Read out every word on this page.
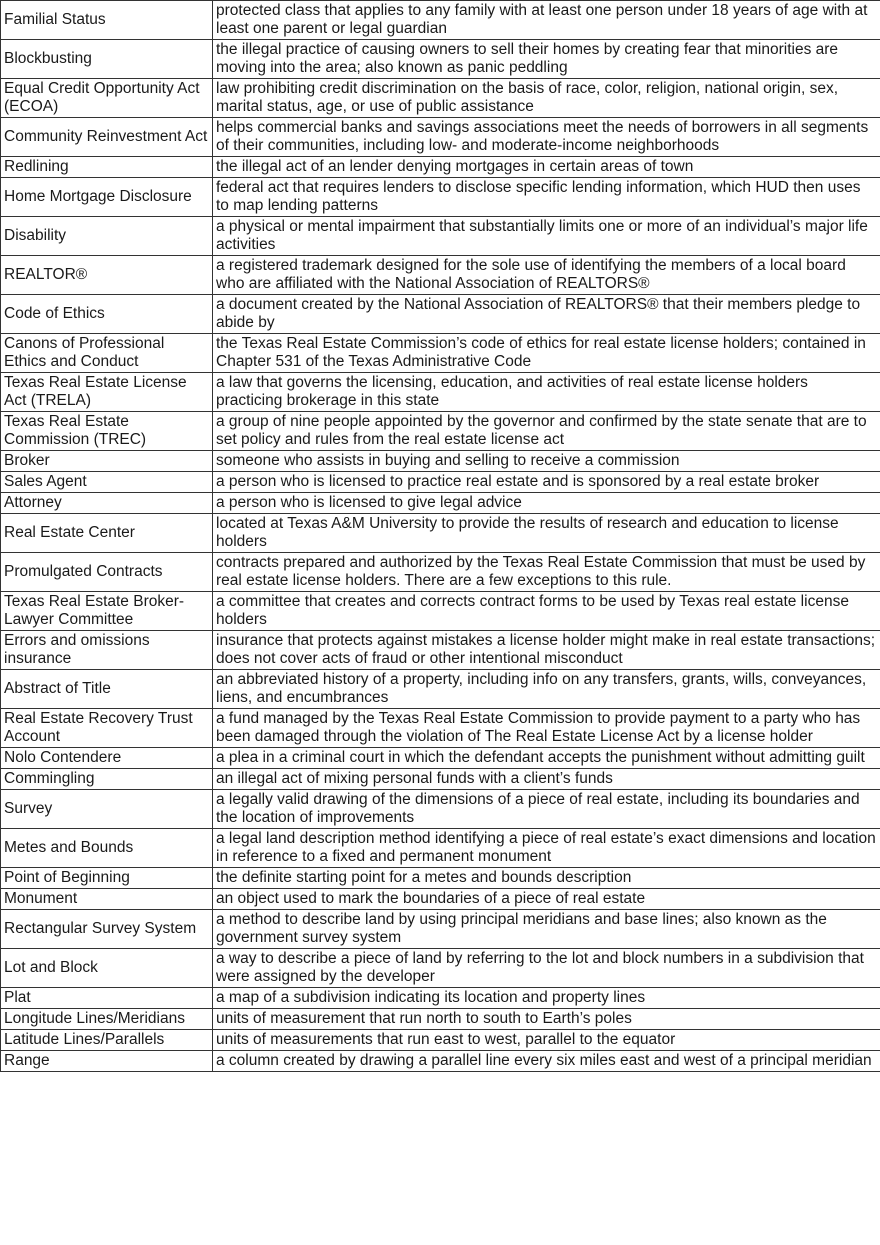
Familial Status	protected class that applies to any family with at least one person under 18 years of age with at least one parent or legal guardian
Blockbusting	the illegal practice of causing owners to sell their homes by creating fear that minorities are moving into the area; also known as panic peddling
Equal Credit Opportunity Act (ECOA)	law prohibiting credit discrimination on the basis of race, color, religion, national origin, sex, marital status, age, or use of public assistance
Community Reinvestment Act	helps commercial banks and savings associations meet the needs of borrowers in all segments of their communities, including low- and moderate-income neighborhoods
Redlining	the illegal act of an lender denying mortgages in certain areas of town
Home Mortgage Disclosure	federal act that requires lenders to disclose specific lending information, which HUD then uses to map lending patterns
Disability	a physical or mental impairment that substantially limits one or more of an individual’s major life activities
REALTOR®	a registered trademark designed for the sole use of identifying the members of a local board who are affiliated with the National Association of REALTORS®
Code of Ethics	a document created by the National Association of REALTORS® that their members pledge to abide by
Canons of Professional Ethics and Conduct	the Texas Real Estate Commission’s code of ethics for real estate license holders; contained in Chapter 531 of the Texas Administrative Code
Texas Real Estate License Act (TRELA)	a law that governs the licensing, education, and activities of real estate license holders practicing brokerage in this state
Texas Real Estate Commission (TREC)	a group of nine people appointed by the governor and confirmed by the state senate that are to set policy and rules from the real estate license act
Broker	someone who assists in buying and selling to receive a commission
Sales Agent	a person who is licensed to practice real estate and is sponsored by a real estate broker
Attorney	a person who is licensed to give legal advice
Real Estate Center	located at Texas A&M University to provide the results of research and education to license holders
Promulgated Contracts	contracts prepared and authorized by the Texas Real Estate Commission that must be used by real estate license holders. There are a few exceptions to this rule.
Texas Real Estate Broker-Lawyer Committee	a committee that creates and corrects contract forms to be used by Texas real estate license holders
Errors and omissions insurance	insurance that protects against mistakes a license holder might make in real estate transactions; does not cover acts of fraud or other intentional misconduct
Abstract of Title	an abbreviated history of a property, including info on any transfers, grants, wills, conveyances, liens, and encumbrances
Real Estate Recovery Trust Account	a fund managed by the Texas Real Estate Commission to provide payment to a party who has been damaged through the violation of The Real Estate License Act by a license holder
Nolo Contendere	a plea in a criminal court in which the defendant accepts the punishment without admitting guilt
Commingling	an illegal act of mixing personal funds with a client’s funds
Survey	a legally valid drawing of the dimensions of a piece of real estate, including its boundaries and the location of improvements
Metes and Bounds	a legal land description method identifying a piece of real estate’s exact dimensions and location in reference to a fixed and permanent monument
Point of Beginning	the definite starting point for a metes and bounds description
Monument	an object used to mark the boundaries of a piece of real estate
Rectangular Survey System	a method to describe land by using principal meridians and base lines; also known as the government survey system
Lot and Block	a way to describe a piece of land by referring to the lot and block numbers in a subdivision that were assigned by the developer
Plat	a map of a subdivision indicating its location and property lines
Longitude Lines/Meridians	units of measurement that run north to south to Earth’s poles
Latitude Lines/Parallels	units of measurements that run east to west, parallel to the equator
Range	a column created by drawing a parallel line every six miles east and west of a principal meridian
